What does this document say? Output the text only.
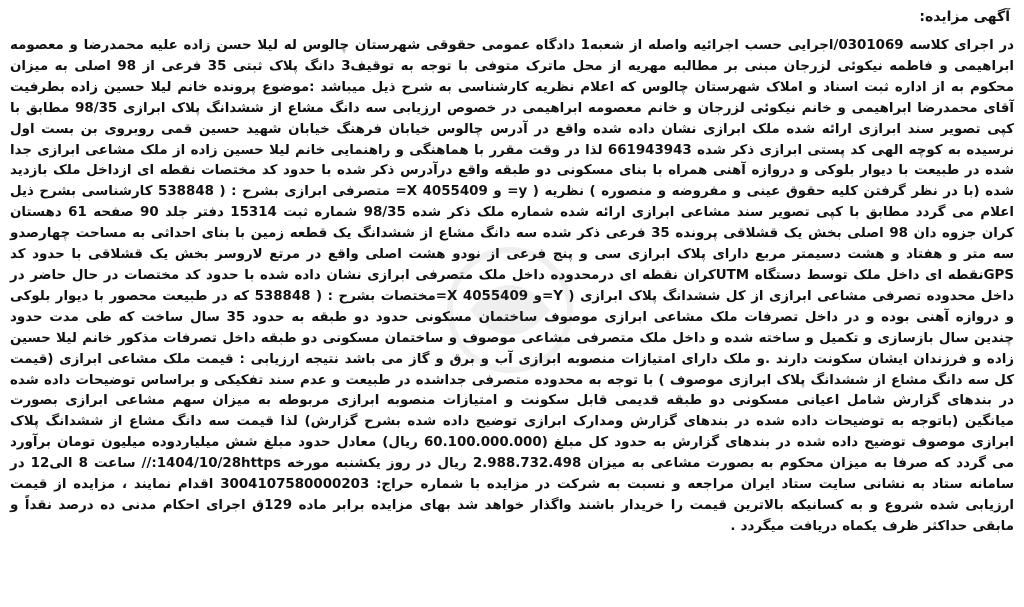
آگهی مزایده:

در اجرای کلاسه 0301069/اجرایی حسب اجرائیه واصله از شعبه1 دادگاه عمومی حقوقی شهرستان چالوس له لیلا حسن زاده علیه محمدرضا و معصومه ابراهیمی و فاطمه نیکوئی لزرجان مبنی بر مطالبه مهریه از محل ماترک متوفی با توجه به توقیف3 دانگ پلاک ثبتی 35 فرعی از 98 اصلی به میزان محکوم به از اداره ثبت اسناد و املاک شهرستان چالوس که اعلام نظریه کارشناسی به شرح ذیل میباشد :موضوع پرونده خانم لیلا حسین زاده بطرفیت آقای محمدرضا ابراهیمی و خانم نیکوئی لزرجان و خانم معصومه ابراهیمی در خصوص ارزیابی سه دانگ مشاع از ششدانگ پلاک ابرازی 98/35 مطابق با کپی تصویر سند ابرازی ارائه شده ملک ابرازی نشان داده شده واقع در آدرس چالوس خیابان فرهنگ خیابان شهید حسین قمی روبروی بن بست اول نرسیده به کوچه الهی کد پستی ابرازی ذکر شده 661943943 لذا در وقت مقرر با هماهنگی و راهنمایی خانم لیلا حسین زاده از ملک مشاعی ابرازی جدا شده در طبیعت با دیوار بلوکی و دروازه آهنی همراه با بنای مسکونی دو طبقه واقع درآدرس ذکر شده با حدود کد مختصات نقطه ای ازداخل ملک بازدید شده (با در نظر گرفتن کلیه حقوق عینی و مفروضه و منصوره ) نظریه ( y= و 4055409 X= متصرفی ابرازی بشرح : ( 538848 کارشناسی بشرح ذیل اعلام می گردد مطابق با کپی تصویر سند مشاعی ابرازی ارائه شده شماره ملک ذکر شده 98/35 شماره ثبت 15314 دفتر جلد 90 صفحه 61 دهستان کران جزوه دان 98 اصلی بخش یک قشلاقی پرونده 35 فرعی ذکر شده سه دانگ مشاع از ششدانگ یک قطعه زمین با بنای احداثی به مساحت چهارصدو سه متر و هفتاد و هشت دسیمتر مربع دارای پلاک ابرازی سی و پنج فرعی از نودو هشت اصلی واقع در مرتع لاروسر بخش یک قشلاقی با حدود کد GPSنقطه ای داخل ملک توسط دستگاه UTMکران نقطه ای درمحدوده داخل ملک متصرفی ابرازی نشان داده شده با حدود کد مختصات در حال حاضر در داخل محدوده تصرفی مشاعی ابرازی از کل ششدانگ پلاک ابرازی ( Y=و 4055409 X=مختصات بشرح : ( 538848 که در طبیعت محصور با دیوار بلوکی و دروازه آهنی بوده و در داخل تصرفات ملک مشاعی ابرازی موصوف ساختمان مسکونی حدود دو طبقه به حدود 35 سال ساخت که طی مدت حدود چندین سال بازسازی و تکمیل و ساخته شده و داخل ملک متصرفی مشاعی موصوف و ساختمان مسکونی دو طبقه داخل تصرفات مذکور خانم لیلا حسین زاده و فرزندان ایشان سکونت دارند .و ملک دارای امتیازات منصوبه ابرازی آب و برق و گاز می باشد نتیجه ارزیابی : قیمت ملک مشاعی ابرازی (قیمت کل سه دانگ مشاع از ششدانگ پلاک ابرازی موصوف ) با توجه به محدوده متصرفی جداشده در طبیعت و عدم سند تفکیکی و براساس توضیحات داده شده در بندهای گزارش شامل اعیانی مسکونی دو طبقه قدیمی قابل سکونت و امتیازات منصوبه ابرازی مربوطه به میزان سهم مشاعی ابرازی بصورت میانگین (باتوجه به توضیحات داده شده در بندهای گزارش ومدارک ابرازی توضیح داده شده بشرح گزارش) لذا قیمت سه دانگ مشاع از ششدانگ پلاک ابرازی موصوف توضیح داده شده در بندهای گزارش به حدود کل مبلغ (60.100.000.000 ریال) معادل حدود مبلغ شش میلیاردوده میلیون تومان برآورد می گردد که صرفا به میزان محکوم به بصورت مشاعی به میزان 2.988.732.498 ریال در روز یکشنبه مورخه 1404/10/28https:// ساعت 8 الی12 در سامانه ستاد به نشانی سایت ستاد ایران مراجعه و نسبت به شرکت در مزایده با شماره حراج: 3004107580000203 اقدام نمایند ، مزایده از قیمت ارزیابی شده شروع و به کسانیکه بالاترین قیمت را خریدار باشند واگذار خواهد شد بهای مزایده برابر ماده 129ق اجرای احکام مدنی ده درصد نقداً و مابقی حداکثر ظرف یکماه دریافت میگردد .
